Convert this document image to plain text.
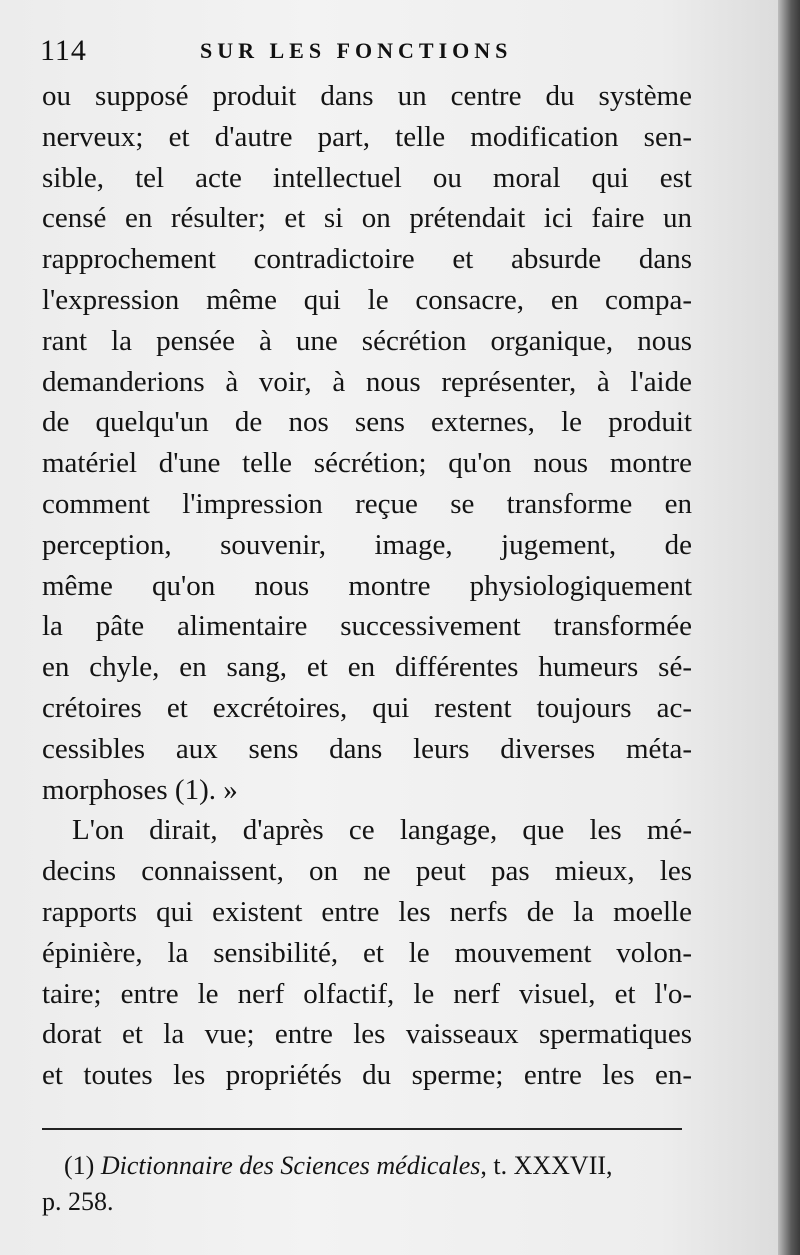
114	SUR LES FONCTIONS
ou supposé produit dans un centre du système
nerveux; et d'autre part, telle modification sen-
sible, tel acte intellectuel ou moral qui est
censé en résulter; et si on prétendait ici faire un
rapprochement contradictoire et absurde dans
l'expression même qui le consacre, en compa-
rant la pensée à une sécrétion organique, nous
demanderions à voir, à nous représenter, à l'aide
de quelqu'un de nos sens externes, le produit
matériel d'une telle sécrétion; qu'on nous montre
comment l'impression reçue se transforme en
perception, souvenir, image, jugement, de
même qu'on nous montre physiologiquement
la pâte alimentaire successivement transformée
en chyle, en sang, et en différentes humeurs sé-
crétoires et excrétoires, qui restent toujours ac-
cessibles aux sens dans leurs diverses méta-
morphoses (1). »
L'on dirait, d'après ce langage, que les mé-
decins connaissent, on ne peut pas mieux, les
rapports qui existent entre les nerfs de la moelle
épinière, la sensibilité, et le mouvement volon-
taire; entre le nerf olfactif, le nerf visuel, et l'o-
dorat et la vue; entre les vaisseaux spermatiques
et toutes les propriétés du sperme; entre les en-
(1) Dictionnaire des Sciences médicales, t. XXXVII,
p. 258.
